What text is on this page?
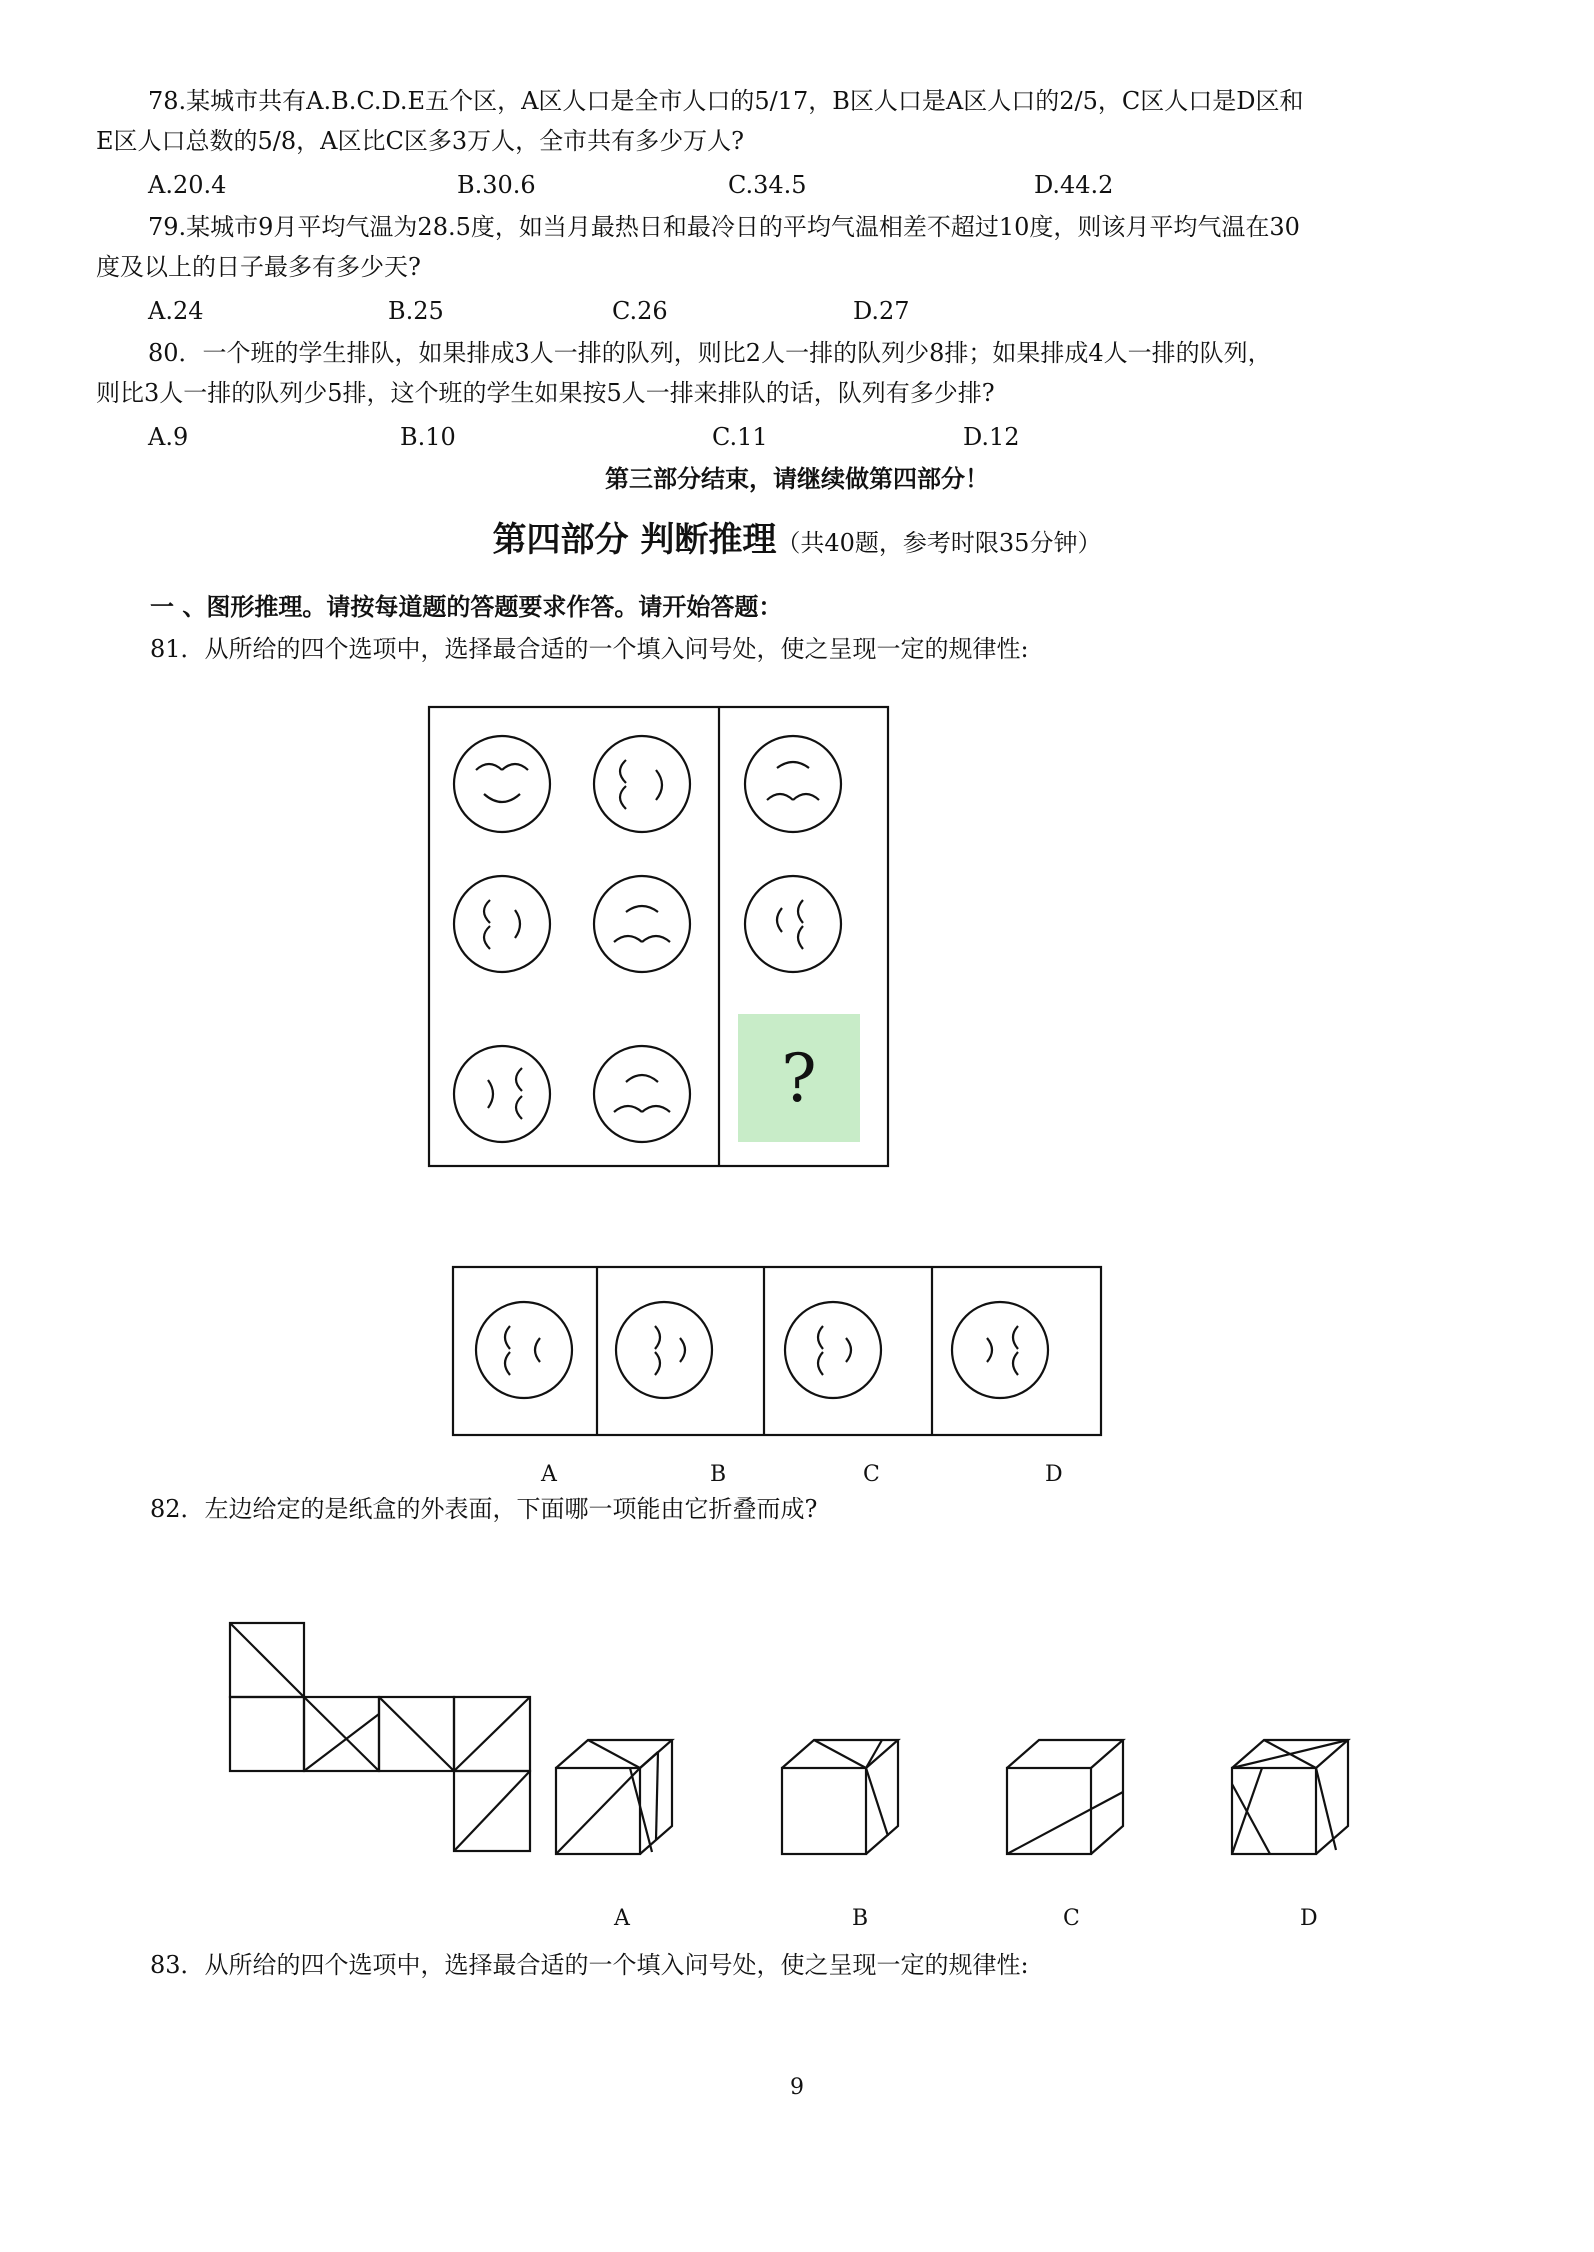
78.某城市共有A.B.C.D.E五个区，A区人口是全市人口的5/17，B区人口是A区人口的2/5，C区人口是D区和
E区人口总数的5/8，A区比C区多3万人，全市共有多少万人?
A.20.4	B.30.6	C.34.5	D.44.2
79.某城市9月平均气温为28.5度，如当月最热日和最冷日的平均气温相差不超过10度，则该月平均气温在30
度及以上的日子最多有多少天?
A.24	B.25	C.26	D.27
80．一个班的学生排队，如果排成3人一排的队列，则比2人一排的队列少8排；如果排成4人一排的队列，
则比3人一排的队列少5排，这个班的学生如果按5人一排来排队的话，队列有多少排?
A.9	B.10	C.11	D.12
第三部分结束，请继续做第四部分！
第四部分 判断推理（共40题，参考时限35分钟）
一 、图形推理。请按每道题的答题要求作答。请开始答题：
81．从所给的四个选项中，选择最合适的一个填入问号处，使之呈现一定的规律性:
?
A	B	C	D
82．左边给定的是纸盒的外表面，下面哪一项能由它折叠而成?
A	B	C	D
83．从所给的四个选项中，选择最合适的一个填入问号处，使之呈现一定的规律性:
9
